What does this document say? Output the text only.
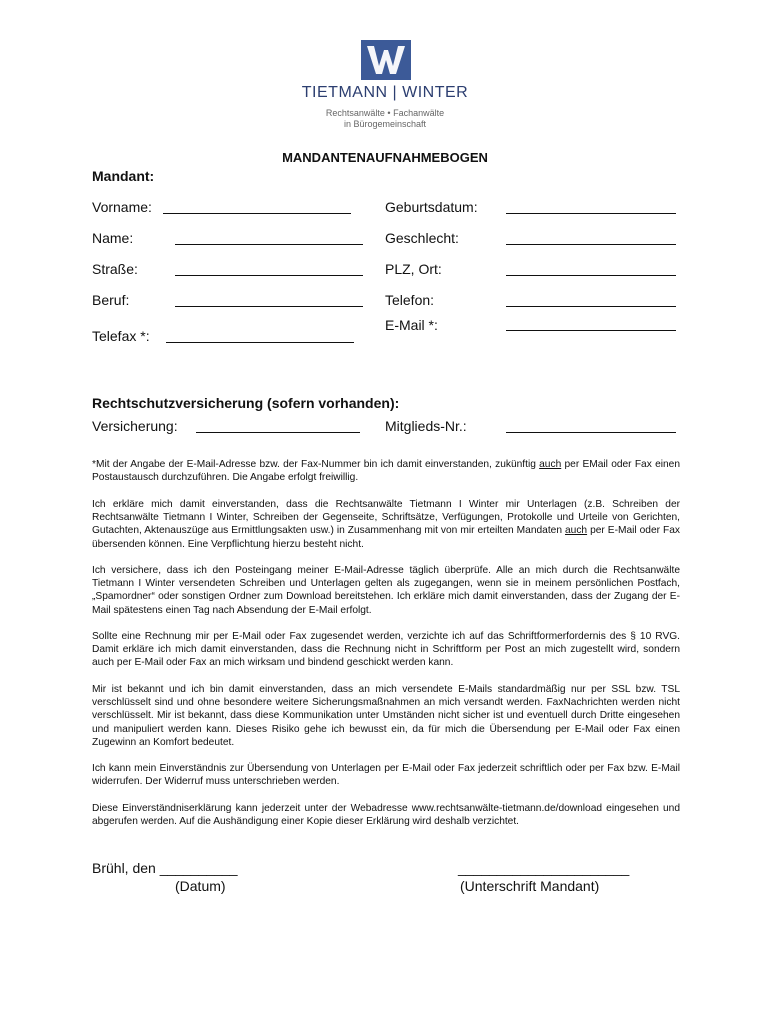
TIETMANN | WINTER
Rechtsanwälte • Fachanwälte
in Bürogemeinschaft
MANDANTENAUFNAHMEBOGEN
Mandant:
Vorname:
Name:
Straße:
Beruf:
Telefax *:
Geburtsdatum:
Geschlecht:
PLZ, Ort:
Telefon:
E-Mail *:
Rechtschutzversicherung (sofern vorhanden):
Versicherung:	Mitglieds-Nr.:
*Mit der Angabe der E-Mail-Adresse bzw. der Fax-Nummer bin ich damit einverstanden, zukünftig auch per EMail oder Fax einen Postaustausch durchzuführen. Die Angabe erfolgt freiwillig.
Ich erkläre mich damit einverstanden, dass die Rechtsanwälte Tietmann I Winter mir Unterlagen (z.B. Schreiben der Rechtsanwälte Tietmann I Winter, Schreiben der Gegenseite, Schriftsätze, Verfügungen, Protokolle und Urteile von Gerichten, Gutachten, Aktenauszüge aus Ermittlungsakten usw.) in Zusammenhang mit von mir erteilten Mandaten auch per E-Mail oder Fax übersenden können. Eine Verpflichtung hierzu besteht nicht.
Ich versichere, dass ich den Posteingang meiner E-Mail-Adresse täglich überprüfe. Alle an mich durch die Rechtsanwälte Tietmann I Winter versendeten Schreiben und Unterlagen gelten als zugegangen, wenn sie in meinem persönlichen Postfach, „Spamordner“ oder sonstigen Ordner zum Download bereitstehen. Ich erkläre mich damit einverstanden, dass der Zugang der E-Mail spätestens einen Tag nach Absendung der E-Mail erfolgt.
Sollte eine Rechnung mir per E-Mail oder Fax zugesendet werden, verzichte ich auf das Schriftformerfordernis des § 10 RVG. Damit erkläre ich mich damit einverstanden, dass die Rechnung nicht in Schriftform per Post an mich zugestellt wird, sondern auch per E-Mail oder Fax an mich wirksam und bindend geschickt werden kann.
Mir ist bekannt und ich bin damit einverstanden, dass an mich versendete E-Mails standardmäßig nur per SSL bzw. TSL verschlüsselt sind und ohne besondere weitere Sicherungsmaßnahmen an mich versandt werden. FaxNachrichten werden nicht verschlüsselt. Mir ist bekannt, dass diese Kommunikation unter Umständen nicht sicher ist und eventuell durch Dritte eingesehen und manipuliert werden kann. Dieses Risiko gehe ich bewusst ein, da für mich die Übersendung per E-Mail oder Fax einen Zugewinn an Komfort bedeutet.
Ich kann mein Einverständnis zur Übersendung von Unterlagen per E-Mail oder Fax jederzeit schriftlich oder per Fax bzw. E-Mail widerrufen. Der Widerruf muss unterschrieben werden.
Diese Einverständniserklärung kann jederzeit unter der Webadresse www.rechtsanwälte-tietmann.de/download eingesehen und abgerufen werden. Auf die Aushändigung einer Kopie dieser Erklärung wird deshalb verzichtet.
Brühl, den __________
(Datum)
______________________
(Unterschrift Mandant)
